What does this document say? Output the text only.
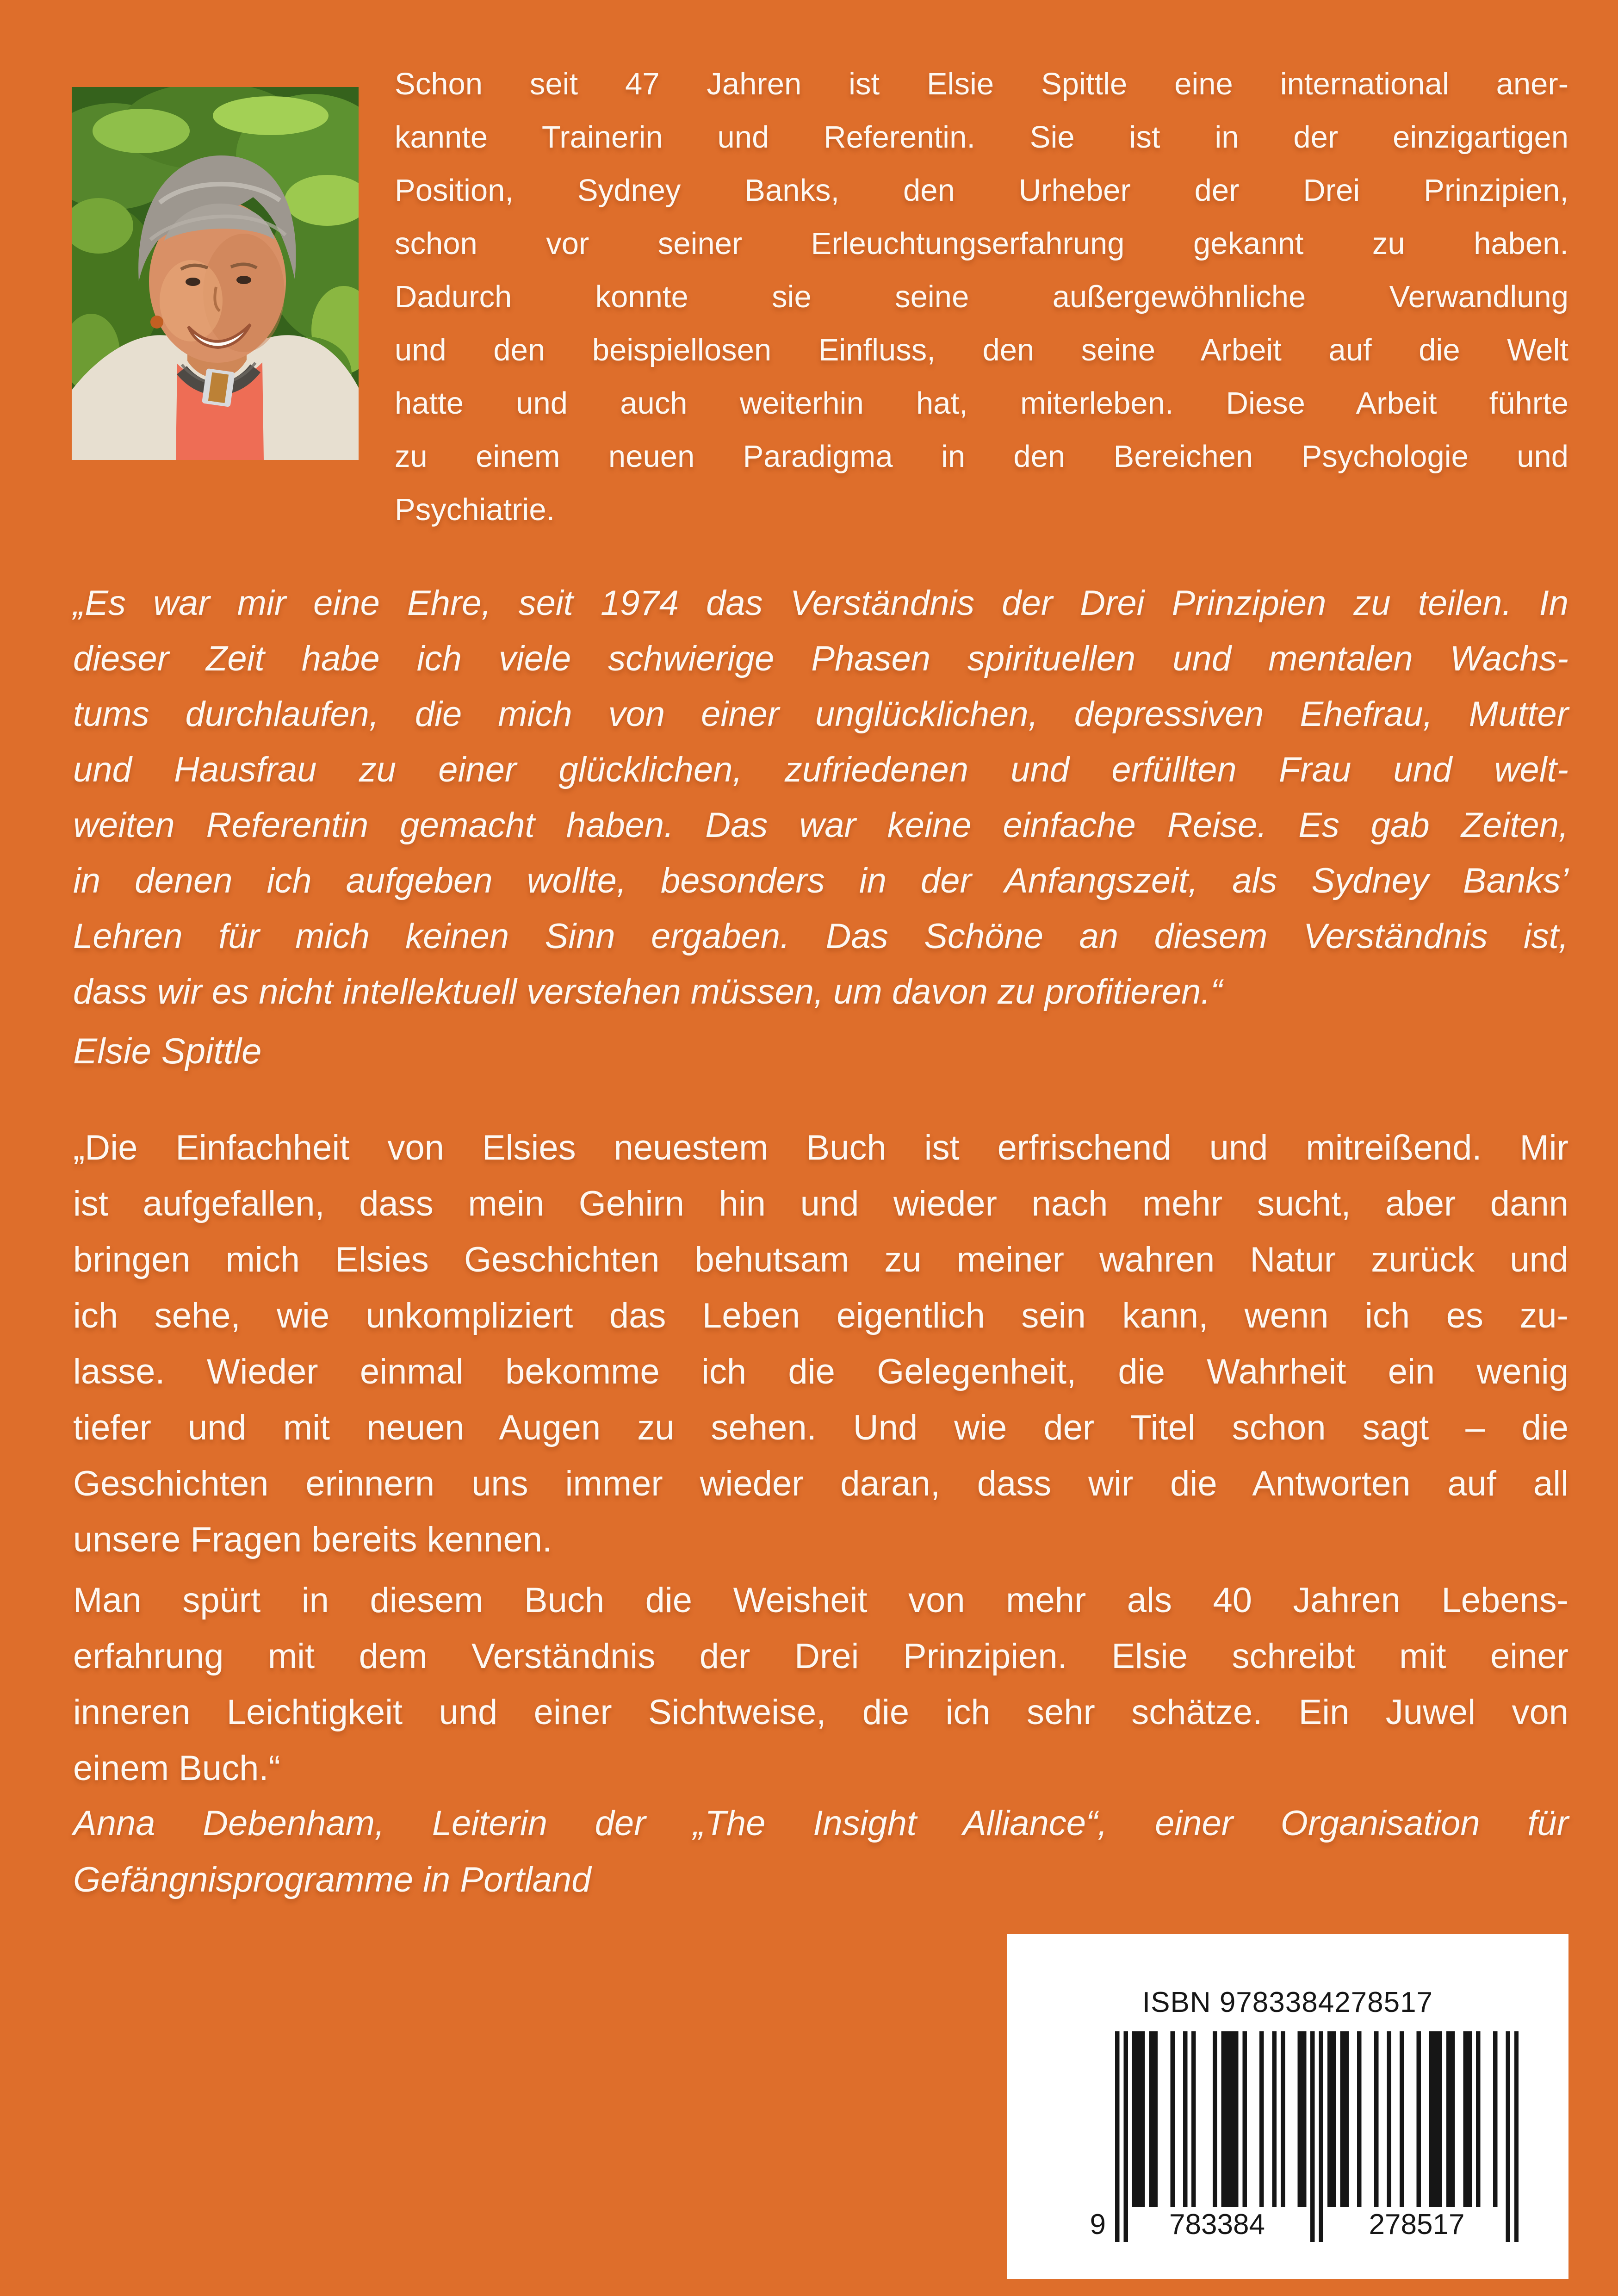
Schon seit 47 Jahren ist Elsie Spittle eine international aner-
kannte Trainerin und Referentin. Sie ist in der einzigartigen
Position, Sydney Banks, den Urheber der Drei Prinzipien,
schon vor seiner Erleuchtungserfahrung gekannt zu haben.
Dadurch konnte sie seine außergewöhnliche Verwandlung
und den beispiellosen Einfluss, den seine Arbeit auf die Welt
hatte und auch weiterhin hat, miterleben. Diese Arbeit führte
zu einem neuen Paradigma in den Bereichen Psychologie und
Psychiatrie.
„Es war mir eine Ehre, seit 1974 das Verständnis der Drei Prinzipien zu teilen. In
dieser Zeit habe ich viele schwierige Phasen spirituellen und mentalen Wachs-
tums durchlaufen, die mich von einer unglücklichen, depressiven Ehefrau, Mutter
und Hausfrau zu einer glücklichen, zufriedenen und erfüllten Frau und welt-
weiten Referentin gemacht haben. Das war keine einfache Reise. Es gab Zeiten,
in denen ich aufgeben wollte, besonders in der Anfangszeit, als Sydney Banks’
Lehren für mich keinen Sinn ergaben. Das Schöne an diesem Verständnis ist,
dass wir es nicht intellektuell verstehen müssen, um davon zu profitieren.“
Elsie Spittle
„Die Einfachheit von Elsies neuestem Buch ist erfrischend und mitreißend. Mir
ist aufgefallen, dass mein Gehirn hin und wieder nach mehr sucht, aber dann
bringen mich Elsies Geschichten behutsam zu meiner wahren Natur zurück und
ich sehe, wie unkompliziert das Leben eigentlich sein kann, wenn ich es zu-
lasse. Wieder einmal bekomme ich die Gelegenheit, die Wahrheit ein wenig
tiefer und mit neuen Augen zu sehen. Und wie der Titel schon sagt – die
Geschichten erinnern uns immer wieder daran, dass wir die Antworten auf all
unsere Fragen bereits kennen.
Man spürt in diesem Buch die Weisheit von mehr als 40 Jahren Lebens-
erfahrung mit dem Verständnis der Drei Prinzipien. Elsie schreibt mit einer
inneren Leichtigkeit und einer Sichtweise, die ich sehr schätze. Ein Juwel von
einem Buch.“
Anna Debenham, Leiterin der „The Insight Alliance“, einer Organisation für
Gefängnisprogramme in Portland
ISBN 9783384278517
9	783384	278517
